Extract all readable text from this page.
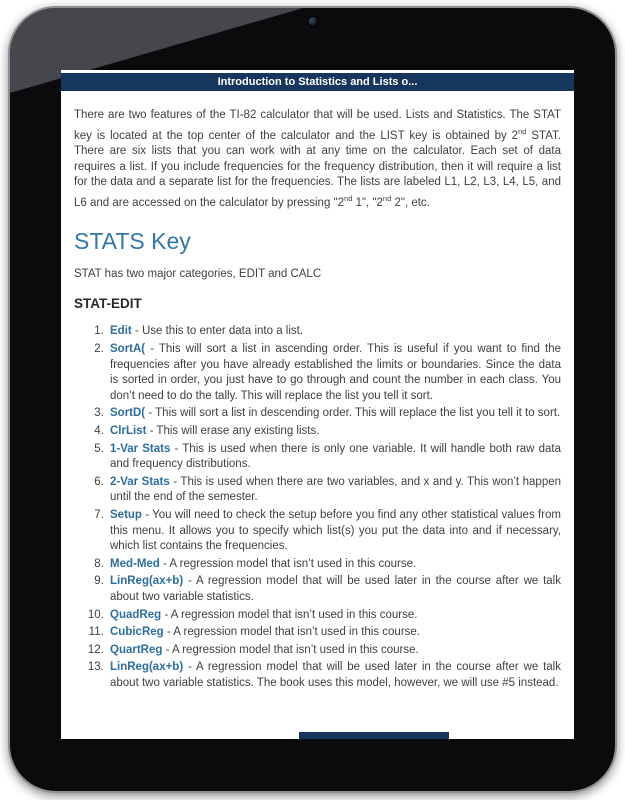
Introduction to Statistics and Lists o...

There are two features of the TI-82 calculator that will be used. Lists and Statistics. The STAT key is located at the top center of the calculator and the LIST key is obtained by 2nd STAT. There are six lists that you can work with at any time on the calculator. Each set of data requires a list. If you include frequencies for the frequency distribution, then it will require a list for the data and a separate list for the frequencies. The lists are labeled L1, L2, L3, L4, L5, and L6 and are accessed on the calculator by pressing "2nd 1", "2nd 2", etc.

STATS Key

STAT has two major categories, EDIT and CALC

STAT-EDIT
1. Edit - Use this to enter data into a list.
2. SortA( - This will sort a list in ascending order. This is useful if you want to find the frequencies after you have already established the limits or boundaries. Since the data is sorted in order, you just have to go through and count the number in each class. You don’t need to do the tally. This will replace the list you tell it sort.
3. SortD( - This will sort a list in descending order. This will replace the list you tell it to sort.
4. ClrList - This will erase any existing lists.
5. 1-Var Stats - This is used when there is only one variable. It will handle both raw data and frequency distributions.
6. 2-Var Stats - This is used when there are two variables, and x and y. This won’t happen until the end of the semester.
7. Setup - You will need to check the setup before you find any other statistical values from this menu. It allows you to specify which list(s) you put the data into and if necessary, which list contains the frequencies.
8. Med-Med - A regression model that isn’t used in this course.
9. LinReg(ax+b) - A regression model that will be used later in the course after we talk about two variable statistics.
10. QuadReg - A regression model that isn’t used in this course.
11. CubicReg - A regression model that isn’t used in this course.
12. QuartReg - A regression model that isn’t used in this course.
13. LinReg(ax+b) - A regression model that will be used later in the course after we talk about two variable statistics. The book uses this model, however, we will use #5 instead.
